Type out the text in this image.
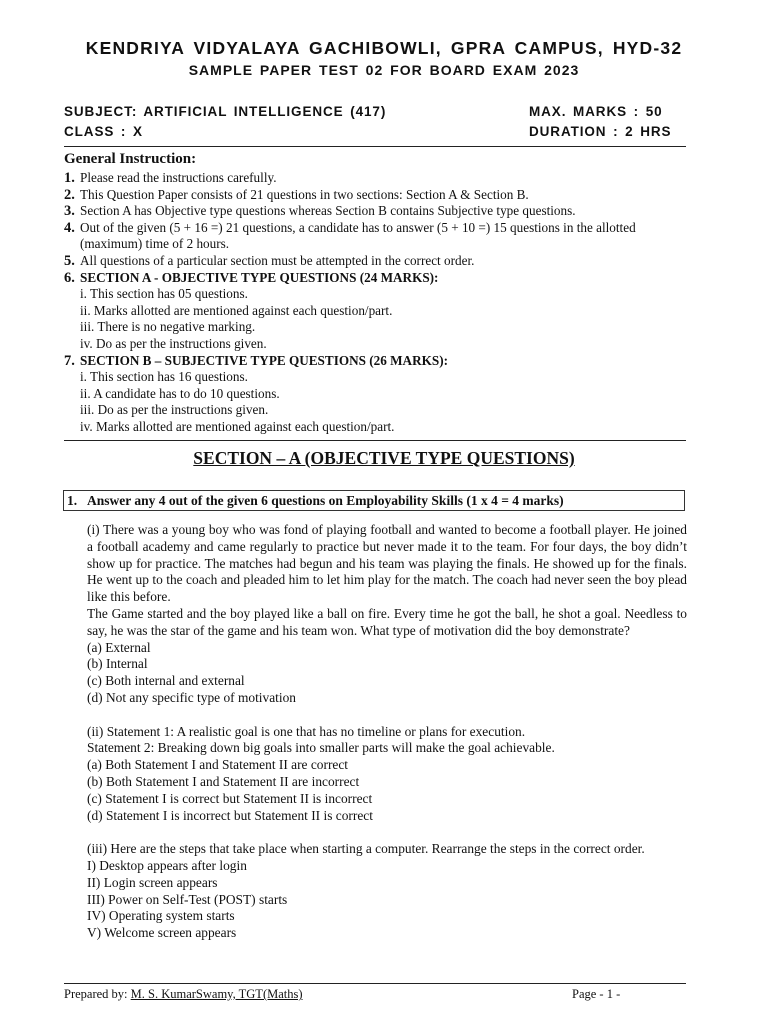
KENDRIYA VIDYALAYA GACHIBOWLI, GPRA CAMPUS, HYD-32
SAMPLE PAPER TEST 02 FOR BOARD EXAM 2023
SUBJECT: ARTIFICIAL INTELLIGENCE (417)	MAX. MARKS : 50
CLASS : X	DURATION : 2 HRS
General Instruction:
1. Please read the instructions carefully.
2. This Question Paper consists of 21 questions in two sections: Section A & Section B.
3. Section A has Objective type questions whereas Section B contains Subjective type questions.
4. Out of the given (5 + 16 =) 21 questions, a candidate has to answer (5 + 10 =) 15 questions in the allotted (maximum) time of 2 hours.
5. All questions of a particular section must be attempted in the correct order.
6. SECTION A - OBJECTIVE TYPE QUESTIONS (24 MARKS):
i. This section has 05 questions.
ii. Marks allotted are mentioned against each question/part.
iii. There is no negative marking.
iv. Do as per the instructions given.
7. SECTION B – SUBJECTIVE TYPE QUESTIONS (26 MARKS):
i. This section has 16 questions.
ii. A candidate has to do 10 questions.
iii. Do as per the instructions given.
iv. Marks allotted are mentioned against each question/part.
SECTION – A (OBJECTIVE TYPE QUESTIONS)
1. Answer any 4 out of the given 6 questions on Employability Skills (1 x 4 = 4 marks)

(i) There was a young boy who was fond of playing football and wanted to become a football player. He joined a football academy and came regularly to practice but never made it to the team. For four days, the boy didn’t show up for practice. The matches had begun and his team was playing the finals. He showed up for the finals. He went up to the coach and pleaded him to let him play for the match. The coach had never seen the boy plead like this before.

The Game started and the boy played like a ball on fire. Every time he got the ball, he shot a goal. Needless to say, he was the star of the game and his team won. What type of motivation did the boy demonstrate?

(a) External

(b) Internal

(c) Both internal and external

(d) Not any specific type of motivation

(ii) Statement 1: A realistic goal is one that has no timeline or plans for execution.

Statement 2: Breaking down big goals into smaller parts will make the goal achievable.

(a) Both Statement I and Statement II are correct

(b) Both Statement I and Statement II are incorrect

(c) Statement I is correct but Statement II is incorrect

(d) Statement I is incorrect but Statement II is correct

(iii) Here are the steps that take place when starting a computer. Rearrange the steps in the correct order.

I) Desktop appears after login

II) Login screen appears

III) Power on Self-Test (POST) starts

IV) Operating system starts

V) Welcome screen appears

Prepared by: M. S. KumarSwamy, TGT(Maths)	Page - 1 -
